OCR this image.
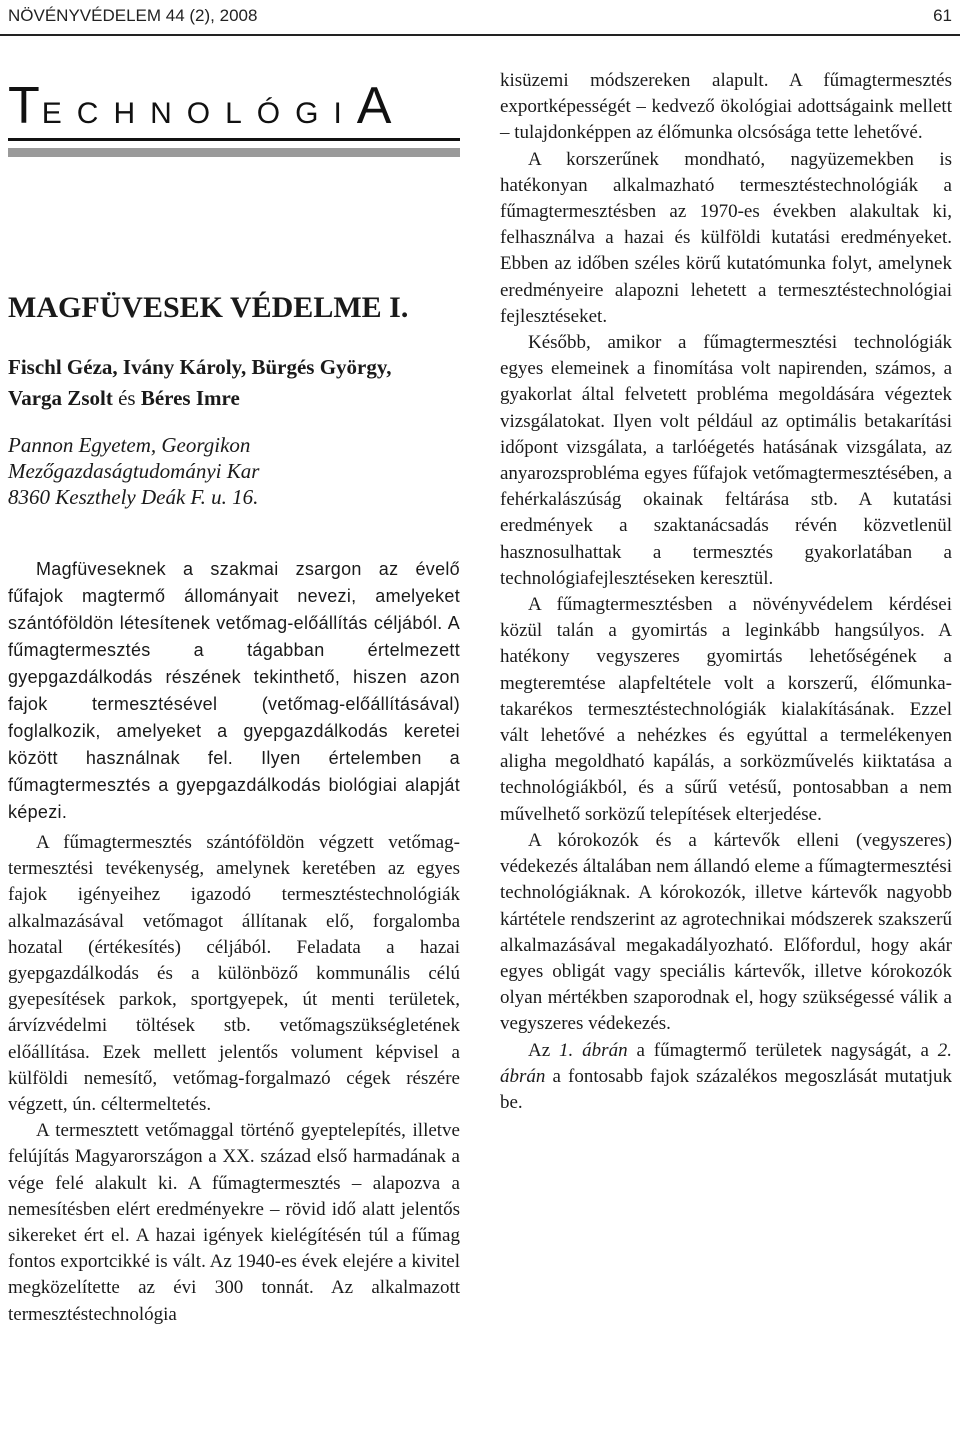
NÖVÉNYVÉDELEM 44 (2), 2008	61
TECHNOLÓGIA
MAGFÜVESEK VÉDELME I.
Fischl Géza, Ivány Károly, Bürgés György,
Varga Zsolt és Béres Imre
Pannon Egyetem, Georgikon
Mezőgazdaságtudományi Kar
8360 Keszthely Deák F. u. 16.
Magfüveseknek a szakmai zsargon az évelő fűfajok magtermő állományait nevezi, amelyeket szántóföldön létesítenek vetőmag-előállítás céljából. A fűmagtermesztés a tágabban értelmezett gyepgazdálkodás részének tekinthető, hiszen azon fajok termesztésével (vetőmag-előállításával) foglalkozik, amelyeket a gyepgazdálkodás keretei között használnak fel. Ilyen értelemben a fűmagtermesztés a gyepgazdálkodás biológiai alapját képezi.

A fűmagtermesztés szántóföldön végzett vetőmag-termesztési tevékenység, amelynek keretében az egyes fajok igényeihez igazodó termesztéstechnológiák alkalmazásával vetőmagot állítanak elő, forgalomba hozatal (értékesítés) céljából. Feladata a hazai gyepgazdálkodás és a különböző kommunális célú gyepesítések parkok, sportgyepek, út menti területek, árvízvédelmi töltések stb. vetőmagszükségletének előállítása. Ezek mellett jelentős volument képvisel a külföldi nemesítő, vetőmag-forgalmazó cégek részére végzett, ún. céltermeltetés.

A termesztett vetőmaggal történő gyeptelepítés, illetve felújítás Magyarországon a XX. század első harmadának a vége felé alakult ki. A fűmagtermesztés – alapozva a nemesítésben elért eredményekre – rövid idő alatt jelentős sikereket ért el. A hazai igények kielégítésén túl a fűmag fontos exportcikké is vált. Az 1940-es évek elejére a kivitel megközelítette az évi 300 tonnát. Az alkalmazott termesztéstechnológia

kisüzemi módszereken alapult. A fűmagtermesztés exportképességét – kedvező ökológiai adottságaink mellett – tulajdonképpen az élőmunka olcsósága tette lehetővé.

A korszerűnek mondható, nagyüzemekben is hatékonyan alkalmazható termesztéstechnológiák a fűmagtermesztésben az 1970-es években alakultak ki, felhasználva a hazai és külföldi kutatási eredményeket. Ebben az időben széles körű kutatómunka folyt, amelynek eredményeire alapozni lehetett a termesztéstechnológiai fejlesztéseket.

Később, amikor a fűmagtermesztési technológiák egyes elemeinek a finomítása volt napirenden, számos, a gyakorlat által felvetett probléma megoldására végeztek vizsgálatokat. Ilyen volt például az optimális betakarítási időpont vizsgálata, a tarlóégetés hatásának vizsgálata, az anyarozsprobléma egyes fűfajok vetőmagtermesztésében, a fehérkalászúság okainak feltárása stb. A kutatási eredmények a szaktanácsadás révén közvetlenül hasznosulhattak a termesztés gyakorlatában a technológiafejlesztéseken keresztül.

A fűmagtermesztésben a növényvédelem kérdései közül talán a gyomirtás a leginkább hangsúlyos. A hatékony vegyszeres gyomirtás lehetőségének a megteremtése alapfeltétele volt a korszerű, élőmunka-takarékos termesztéstechnológiák kialakításának. Ezzel vált lehetővé a nehézkes és egyúttal a termelékenyen aligha megoldható kapálás, a sorközművelés kiiktatása a technológiákból, és a sűrű vetésű, pontosabban a nem művelhető sorközű telepítések elterjedése.

A kórokozók és a kártevők elleni (vegyszeres) védekezés általában nem állandó eleme a fűmagtermesztési technológiáknak. A kórokozók, illetve kártevők nagyobb kártétele rendszerint az agrotechnikai módszerek szakszerű alkalmazásával megakadályozható. Előfordul, hogy akár egyes obligát vagy speciális kártevők, illetve kórokozók olyan mértékben szaporodnak el, hogy szükségessé válik a vegyszeres védekezés.

Az 1. ábrán a fűmagtermő területek nagyságát, a 2. ábrán a fontosabb fajok százalékos megoszlását mutatjuk be.
